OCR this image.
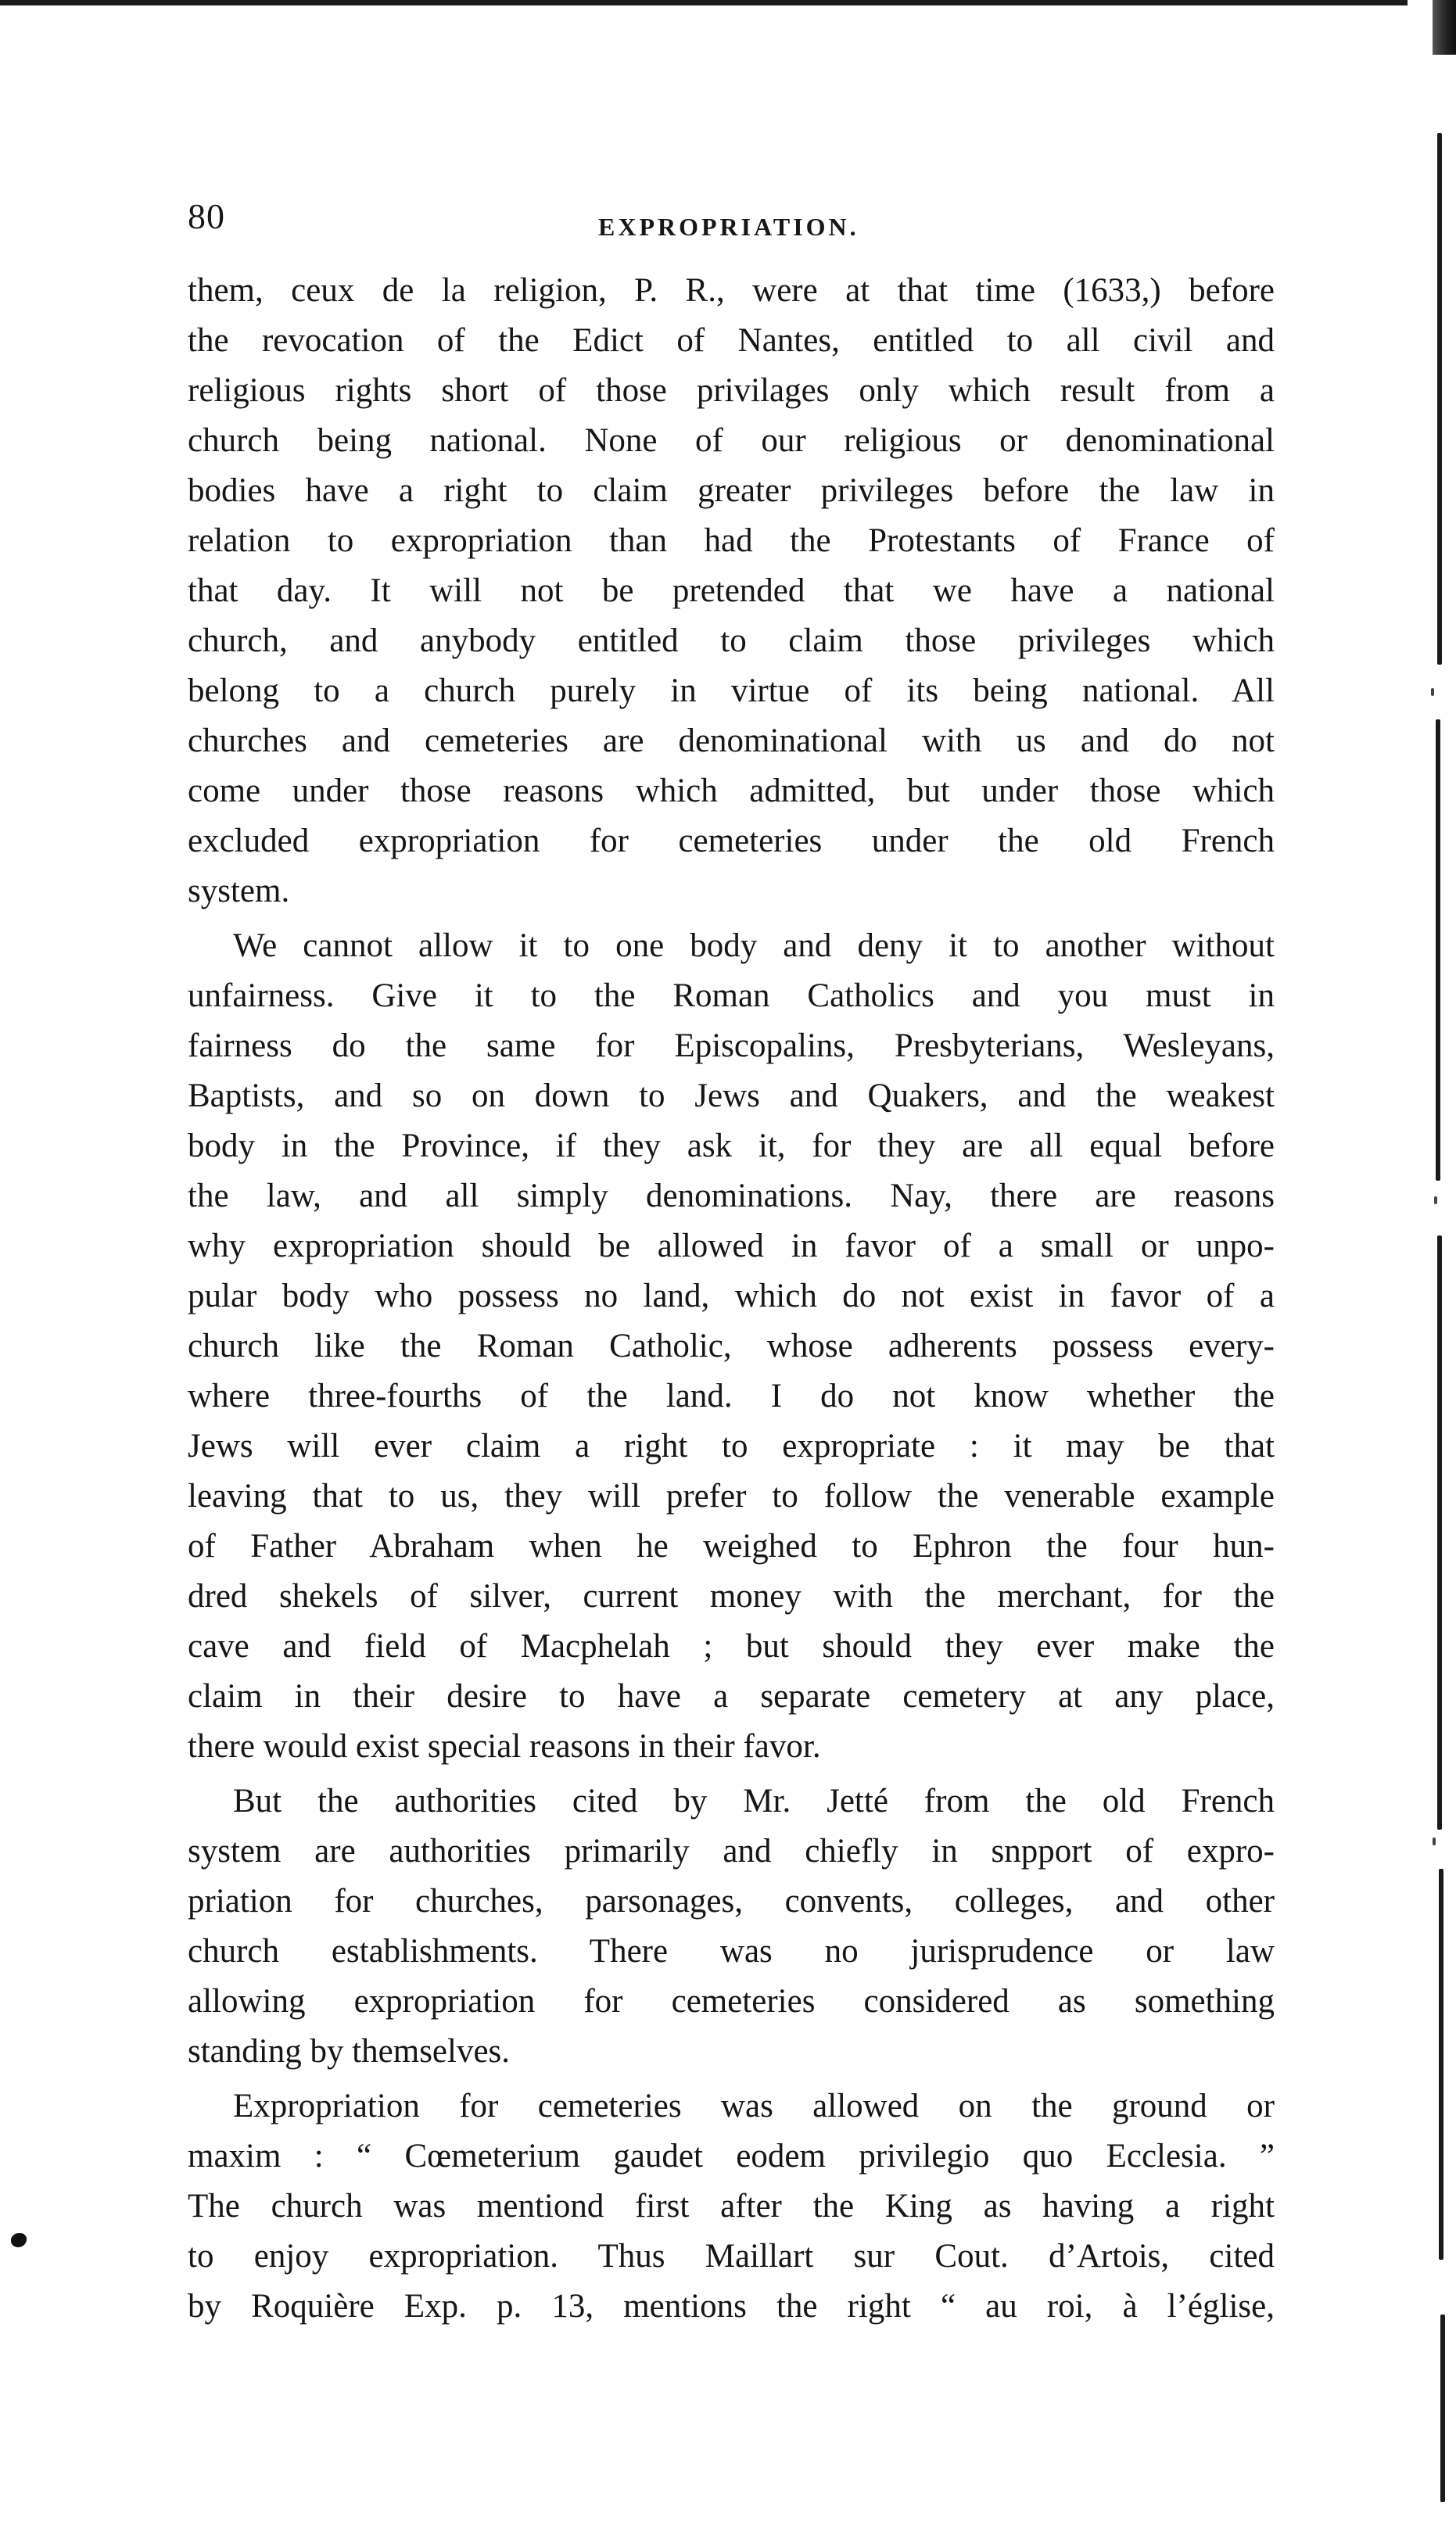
80	EXPROPRIATION.
them, ceux de la religion, P. R., were at that time (1633,) before
the revocation of the Edict of Nantes, entitled to all civil and
religious rights short of those privilages only which result from a
church being national. None of our religious or denominational
bodies have a right to claim greater privileges before the law in
relation to expropriation than had the Protestants of France of
that day. It will not be pretended that we have a national
church, and anybody entitled to claim those privileges which
belong to a church purely in virtue of its being national. All
churches and cemeteries are denominational with us and do not
come under those reasons which admitted, but under those which
excluded expropriation for cemeteries under the old French
system.
We cannot allow it to one body and deny it to another without
unfairness. Give it to the Roman Catholics and you must in
fairness do the same for Episcopalins, Presbyterians, Wesleyans,
Baptists, and so on down to Jews and Quakers, and the weakest
body in the Province, if they ask it, for they are all equal before
the law, and all simply denominations. Nay, there are reasons
why expropriation should be allowed in favor of a small or unpo-
pular body who possess no land, which do not exist in favor of a
church like the Roman Catholic, whose adherents possess every-
where three-fourths of the land. I do not know whether the
Jews will ever claim a right to expropriate : it may be that
leaving that to us, they will prefer to follow the venerable example
of Father Abraham when he weighed to Ephron the four hun-
dred shekels of silver, current money with the merchant, for the
cave and field of Macphelah ; but should they ever make the
claim in their desire to have a separate cemetery at any place,
there would exist special reasons in their favor.
But the authorities cited by Mr. Jetté from the old French
system are authorities primarily and chiefly in snpport of expro-
priation for churches, parsonages, convents, colleges, and other
church establishments. There was no jurisprudence or law
allowing expropriation for cemeteries considered as something
standing by themselves.
Expropriation for cemeteries was allowed on the ground or
maxim : “ Cœmeterium gaudet eodem privilegio quo Ecclesia. ”
The church was mentiond first after the King as having a right
to enjoy expropriation. Thus Maillart sur Cout. d’Artois, cited
by Roquière Exp. p. 13, mentions the right “ au roi, à l’église,
